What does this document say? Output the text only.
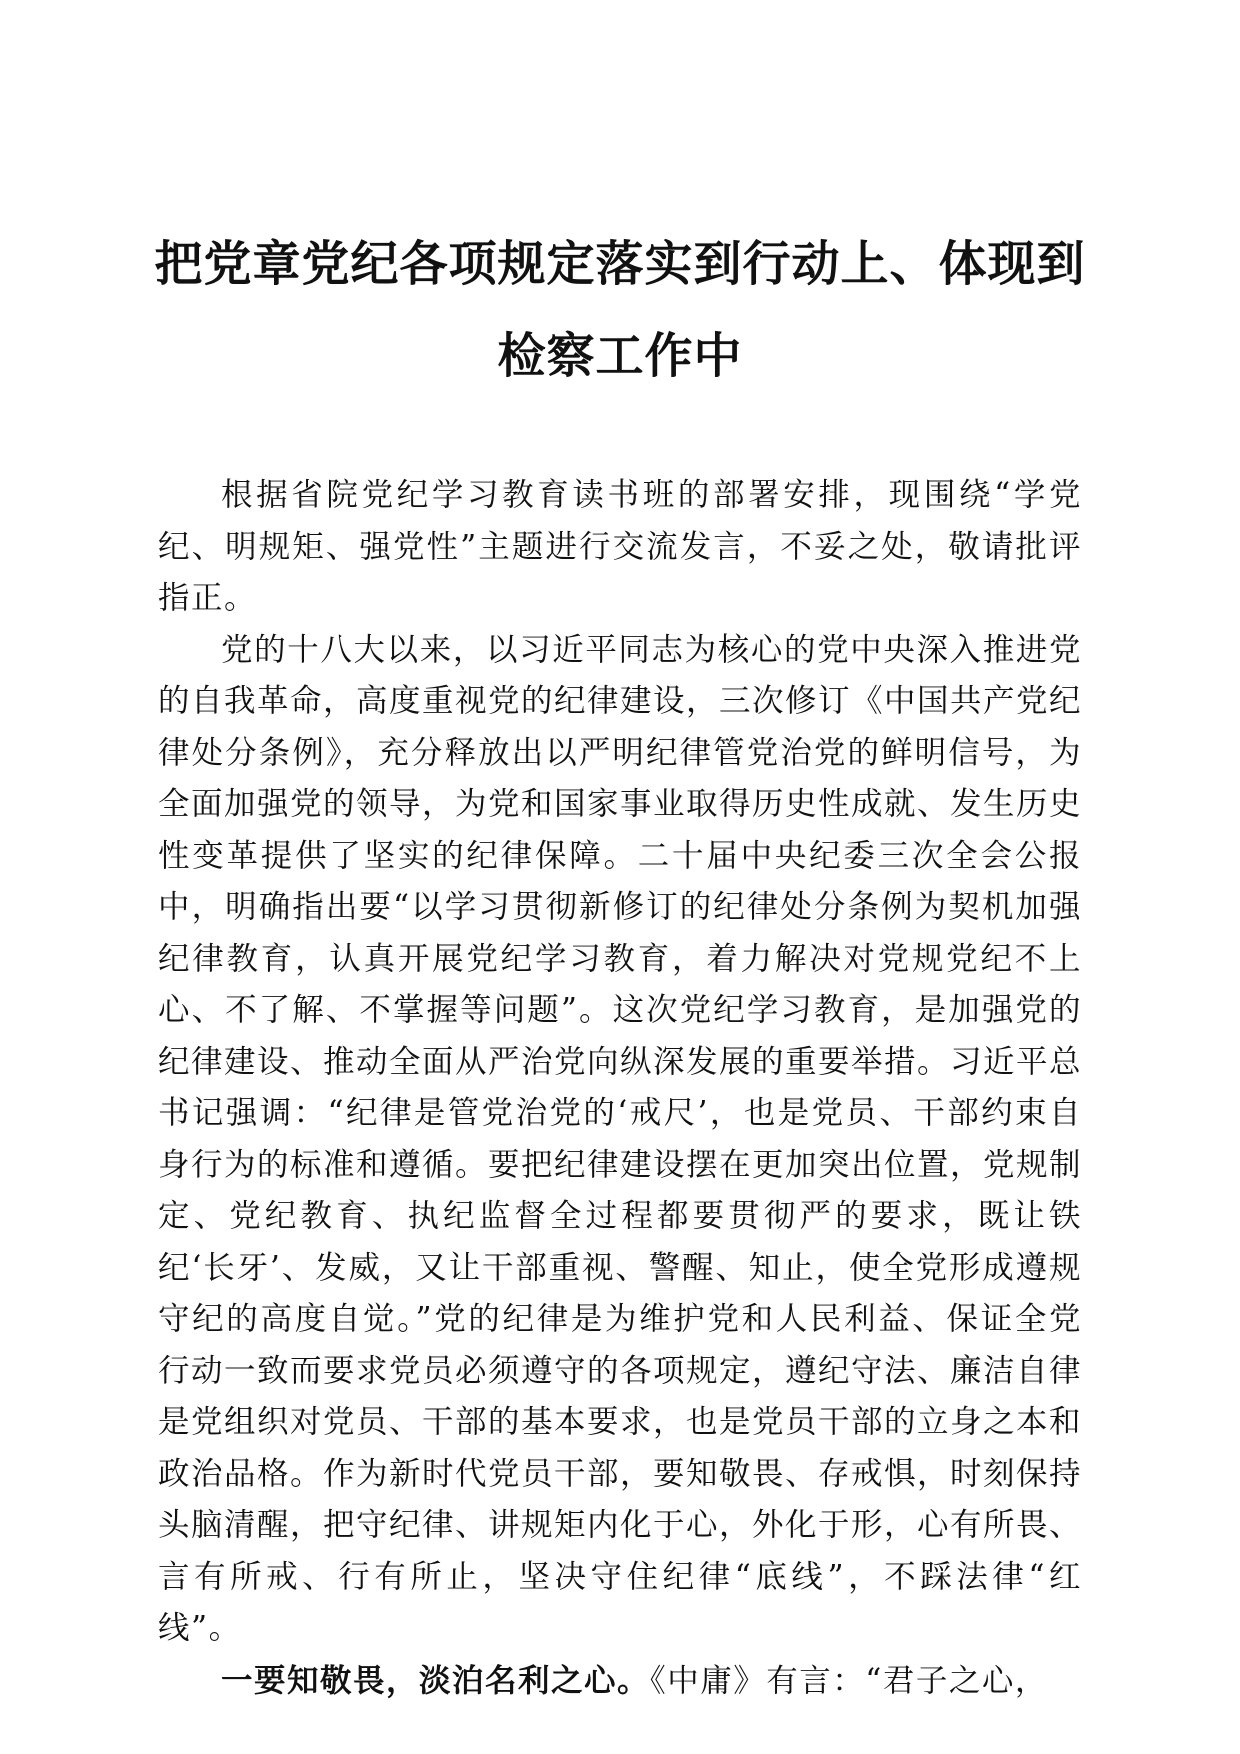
把党章党纪各项规定落实到行动上、体现到检察工作中

根据省院党纪学习教育读书班的部署安排，现围绕“学党纪、明规矩、强党性”主题进行交流发言，不妥之处，敬请批评指正。

党的十八大以来，以习近平同志为核心的党中央深入推进党的自我革命，高度重视党的纪律建设，三次修订《中国共产党纪律处分条例》，充分释放出以严明纪律管党治党的鲜明信号，为全面加强党的领导，为党和国家事业取得历史性成就、发生历史性变革提供了坚实的纪律保障。二十届中央纪委三次全会公报中，明确指出要“以学习贯彻新修订的纪律处分条例为契机加强纪律教育，认真开展党纪学习教育，着力解决对党规党纪不上心、不了解、不掌握等问题”。这次党纪学习教育，是加强党的纪律建设、推动全面从严治党向纵深发展的重要举措。习近平总书记强调：“纪律是管党治党的‘戒尺’，也是党员、干部约束自身行为的标准和遵循。要把纪律建设摆在更加突出位置，党规制定、党纪教育、执纪监督全过程都要贯彻严的要求，既让铁纪‘长牙’、发威，又让干部重视、警醒、知止，使全党形成遵规守纪的高度自觉。”党的纪律是为维护党和人民利益、保证全党行动一致而要求党员必须遵守的各项规定，遵纪守法、廉洁自律是党组织对党员、干部的基本要求，也是党员干部的立身之本和政治品格。作为新时代党员干部，要知敬畏、存戒惧，时刻保持头脑清醒，把守纪律、讲规矩内化于心，外化于形，心有所畏、言有所戒、行有所止，坚决守住纪律“底线”，不踩法律“红线”。

一要知敬畏，淡泊名利之心。《中庸》有言：“君子之心，
